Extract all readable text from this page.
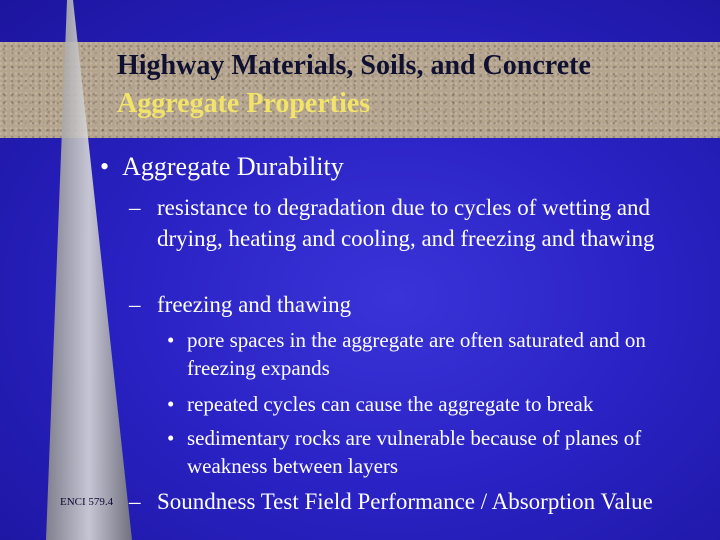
Highway Materials, Soils, and Concrete
Aggregate Properties
•  Aggregate Durability
– resistance to degradation due to cycles of wetting and drying, heating and cooling, and freezing and thawing
– freezing and thawing
• pore spaces in the aggregate are often saturated and on freezing expands
• repeated cycles can cause the aggregate to break
• sedimentary rocks are vulnerable because of planes of weakness between layers
– Soundness Test Field Performance / Absorption Value
ENCI 579.4
